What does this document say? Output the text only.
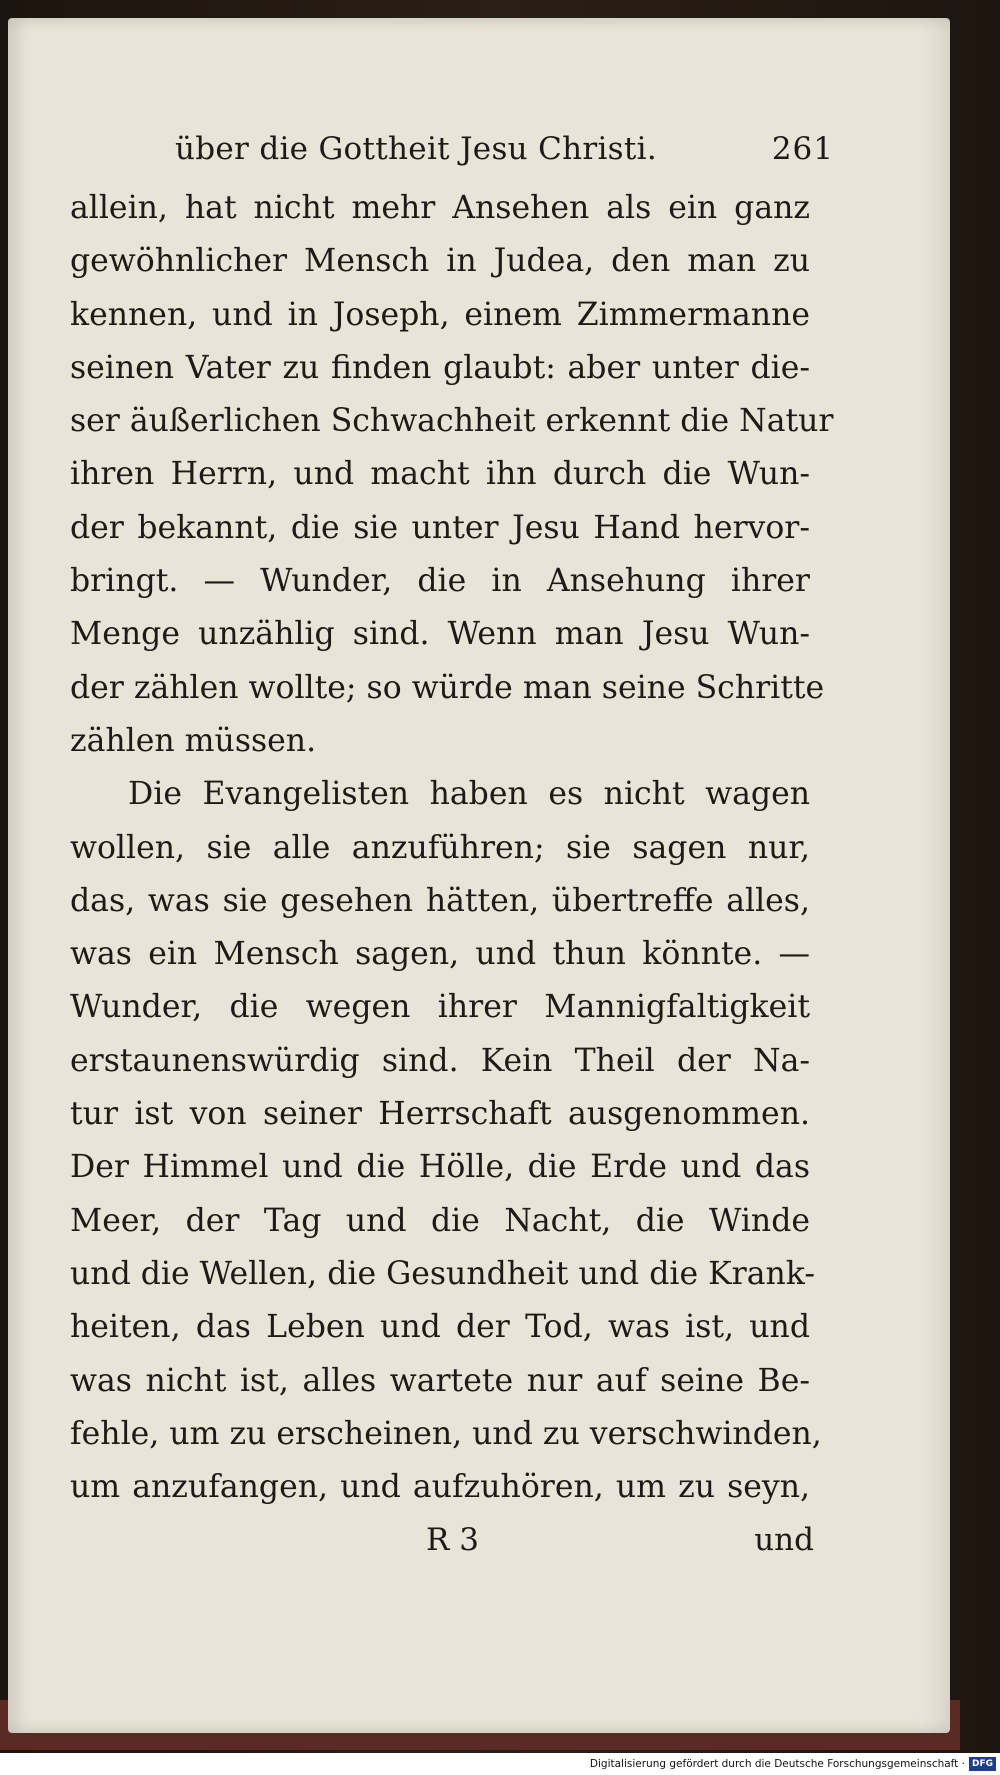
über die Gottheit Jesu Christi.	261
allein, hat nicht mehr Ansehen als ein ganz
gewöhnlicher Mensch in Judea, den man zu
kennen, und in Joseph, einem Zimmermanne
seinen Vater zu finden glaubt: aber unter die-
ser äußerlichen Schwachheit erkennt die Natur
ihren Herrn, und macht ihn durch die Wun-
der bekannt, die sie unter Jesu Hand hervor-
bringt. — Wunder, die in Ansehung ihrer
Menge unzählig sind. Wenn man Jesu Wun-
der zählen wollte; so würde man seine Schritte
zählen müssen.
Die Evangelisten haben es nicht wagen
wollen, sie alle anzuführen; sie sagen nur,
das, was sie gesehen hätten, übertreffe alles,
was ein Mensch sagen, und thun könnte. —
Wunder, die wegen ihrer Mannigfaltigkeit
erstaunenswürdig sind. Kein Theil der Na-
tur ist von seiner Herrschaft ausgenommen.
Der Himmel und die Hölle, die Erde und das
Meer, der Tag und die Nacht, die Winde
und die Wellen, die Gesundheit und die Krank-
heiten, das Leben und der Tod, was ist, und
was nicht ist, alles wartete nur auf seine Be-
fehle, um zu erscheinen, und zu verschwinden,
um anzufangen, und aufzuhören, um zu seyn,
R 3	und
Digitalisierung gefördert durch die Deutsche Forschungsgemeinschaft · DFG
